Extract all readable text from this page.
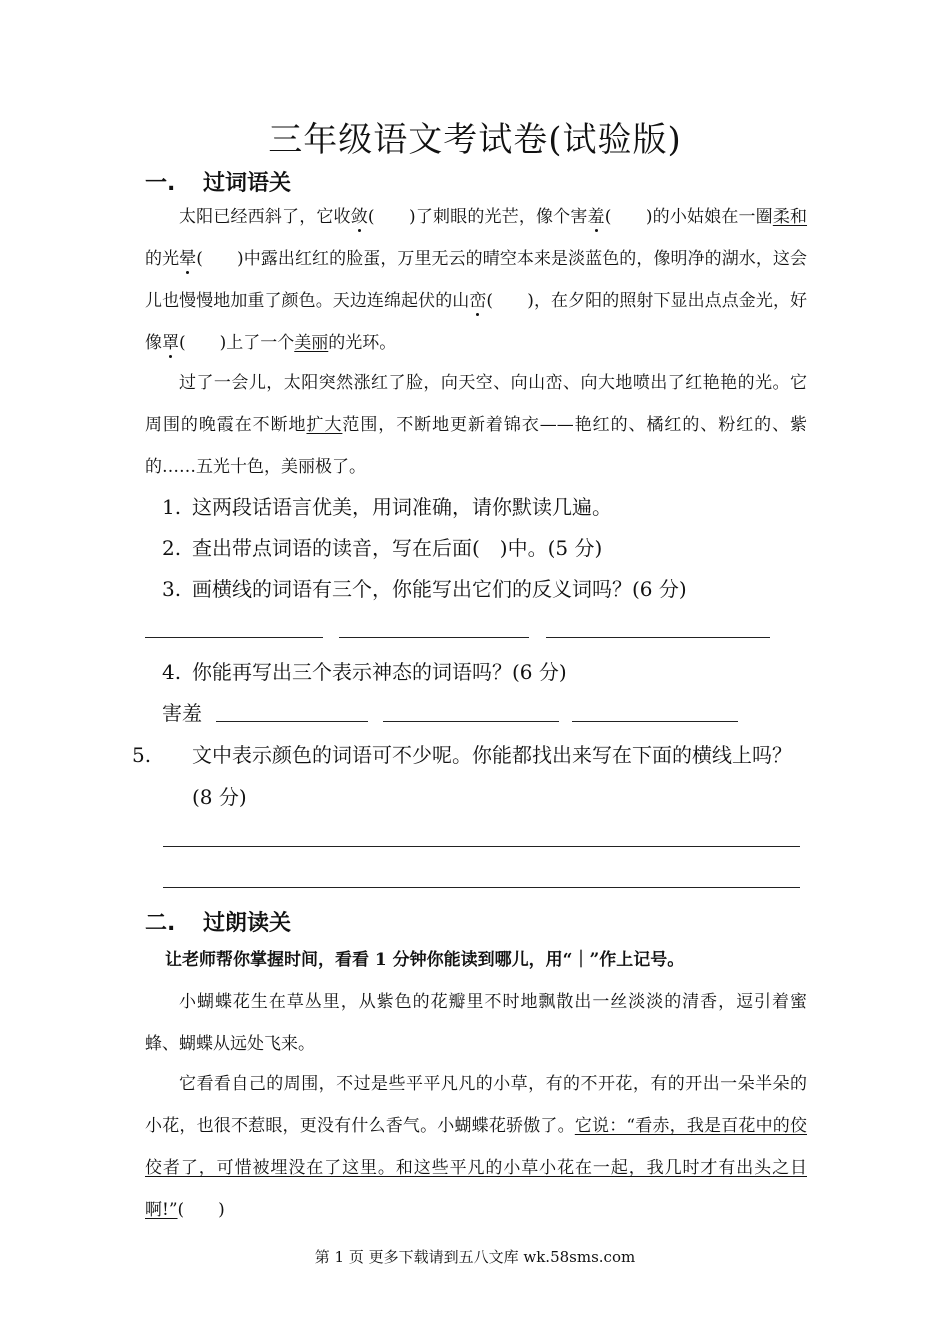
三年级语文考试卷(试验版)
一. 过词语关

太阳已经西斜了，它收敛(　　)了刺眼的光芒，像个害羞(　　)的小姑娘在一圈柔和的光晕(　　)中露出红红的脸蛋，万里无云的晴空本来是淡蓝色的，像明净的湖水，这会儿也慢慢地加重了颜色。天边连绵起伏的山峦(　　)，在夕阳的照射下显出点点金光，好像罩(　　)上了一个美丽的光环。

过了一会儿，太阳突然涨红了脸，向天空、向山峦、向大地喷出了红艳艳的光。它周围的晚霞在不断地扩大范围，不断地更新着锦衣——艳红的、橘红的、粉红的、紫的……五光十色，美丽极了。

1. 这两段话语言优美，用词准确，请你默读几遍。
2. 查出带点词语的读音，写在后面(　)中。(5 分)
3. 画横线的词语有三个，你能写出它们的反义词吗？(6 分)
4. 你能再写出三个表示神态的词语吗？(6 分)
害羞
5. 文中表示颜色的词语可不少呢。你能都找出来写在下面的横线上吗？(8 分)
二. 过朗读关
让老师帮你掌握时间，看看 1 分钟你能读到哪儿，用“｜”作上记号。

小蝴蝶花生在草丛里，从紫色的花瓣里不时地飘散出一丝淡淡的清香，逗引着蜜蜂、蝴蝶从远处飞来。

它看看自己的周围，不过是些平平凡凡的小草，有的不开花，有的开出一朵半朵的小花，也很不惹眼，更没有什么香气。小蝴蝶花骄傲了。它说：“看赤，我是百花中的佼佼者了，可惜被埋没在了这里。和这些平凡的小草小花在一起，我几时才有出头之日啊!”(　　)

第 1 页 更多下载请到五八文库 wk.58sms.com
